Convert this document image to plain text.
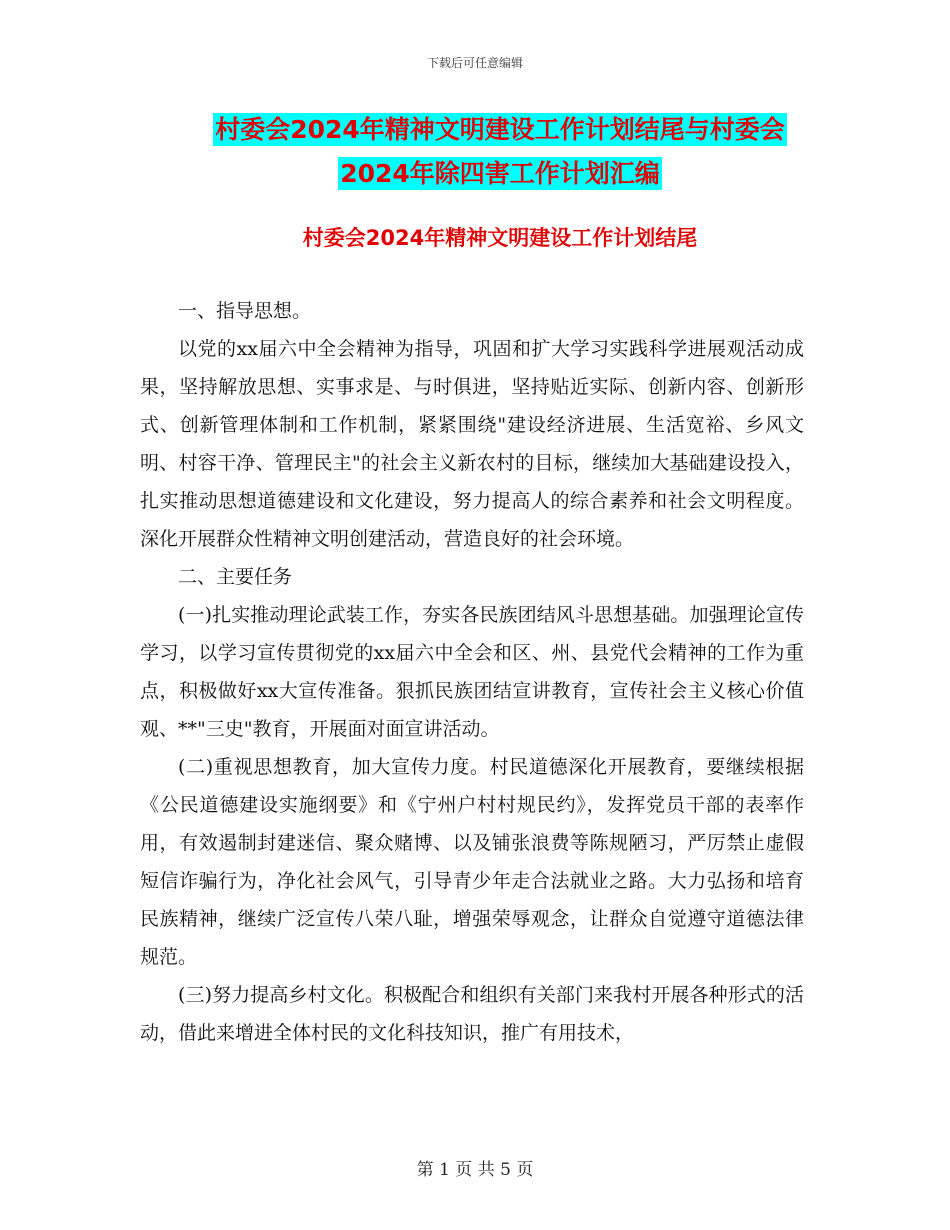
下载后可任意编辑
村委会2024年精神文明建设工作计划结尾与村委会
2024年除四害工作计划汇编
村委会2024年精神文明建设工作计划结尾

一、指导思想。

以党的xx届六中全会精神为指导，巩固和扩大学习实践科学进展观活动成果，坚持解放思想、实事求是、与时俱进，坚持贴近实际、创新内容、创新形式、创新管理体制和工作机制，紧紧围绕"建设经济进展、生活宽裕、乡风文明、村容干净、管理民主"的社会主义新农村的目标，继续加大基础建设投入，扎实推动思想道德建设和文化建设，努力提高人的综合素养和社会文明程度。深化开展群众性精神文明创建活动，营造良好的社会环境。

二、主要任务

(一)扎实推动理论武装工作，夯实各民族团结风斗思想基础。加强理论宣传学习，以学习宣传贯彻党的xx届六中全会和区、州、县党代会精神的工作为重点，积极做好xx大宣传准备。狠抓民族团结宣讲教育，宣传社会主义核心价值观、**"三史"教育，开展面对面宣讲活动。

(二)重视思想教育，加大宣传力度。村民道德深化开展教育，要继续根据《公民道德建设实施纲要》和《宁州户村村规民约》，发挥党员干部的表率作用，有效遏制封建迷信、聚众赌博、以及铺张浪费等陈规陋习，严厉禁止虚假短信诈骗行为，净化社会风气，引导青少年走合法就业之路。大力弘扬和培育民族精神，继续广泛宣传八荣八耻，增强荣辱观念，让群众自觉遵守道德法律规范。

(三)努力提高乡村文化。积极配合和组织有关部门来我村开展各种形式的活动，借此来增进全体村民的文化科技知识，推广有用技术，

第 1 页 共 5 页
